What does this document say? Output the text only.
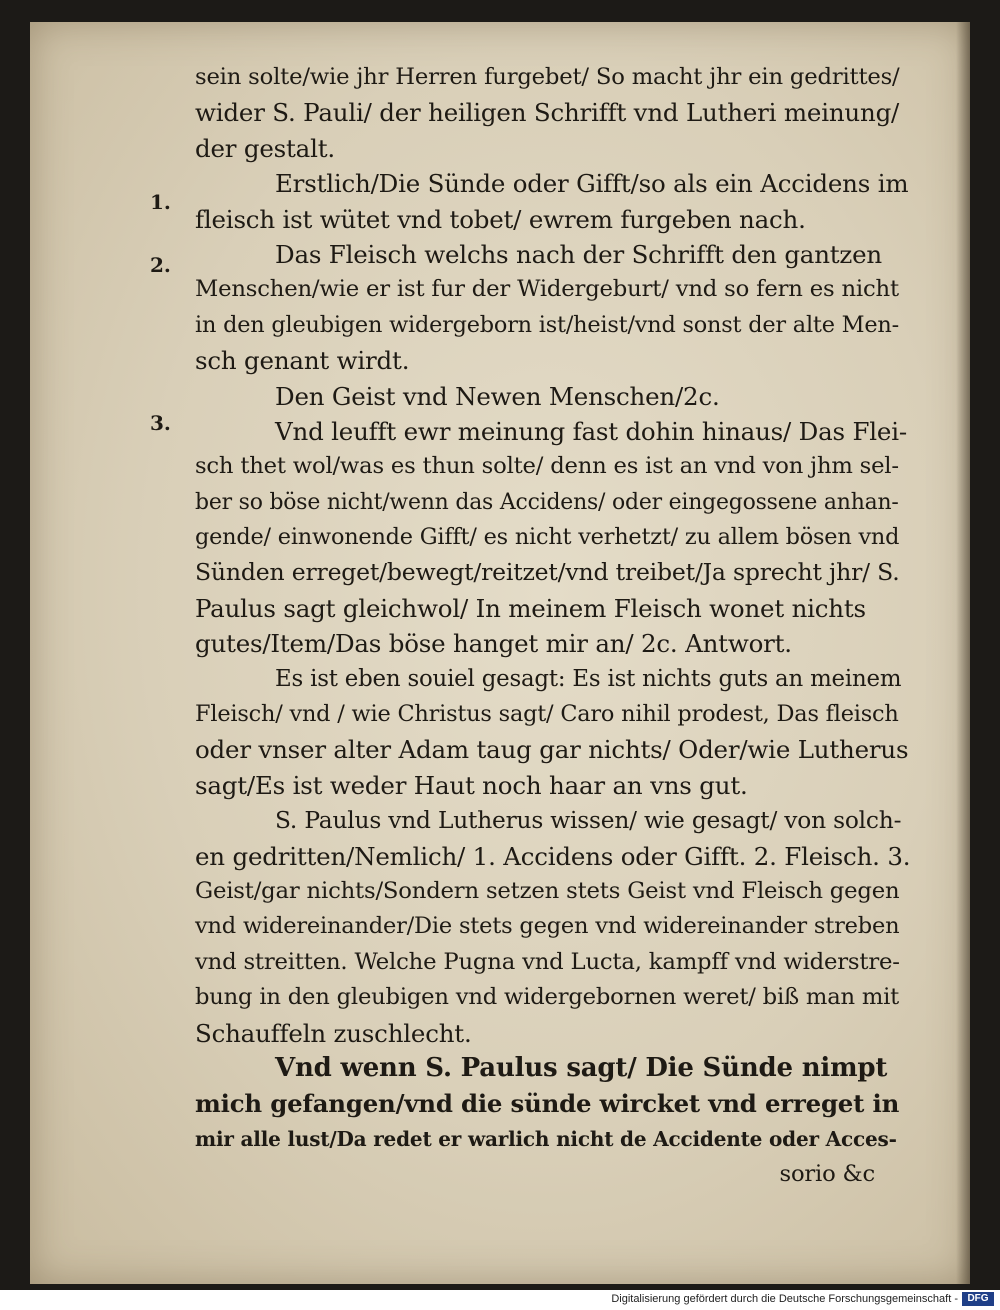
1.
2.
3.
sein solte/wie jhr Herren furgebet/ So macht jhr ein gedrittes/
wider S. Pauli/ der heiligen Schrifft vnd Lutheri meinung/
der gestalt.
Erstlich/Die Sünde oder Gifft/so als ein Accidens im
fleisch ist wütet vnd tobet/ ewrem furgeben nach.
Das Fleisch welchs nach der Schrifft den gantzen
Menschen/wie er ist fur der Widergeburt/ vnd so fern es nicht
in den gleubigen widergeborn ist/heist/vnd sonst der alte Men-
sch genant wirdt.
Den Geist vnd Newen Menschen/2c.
Vnd leufft ewr meinung fast dohin hinaus/ Das Flei-
sch thet wol/was es thun solte/ denn es ist an vnd von jhm sel-
ber so böse nicht/wenn das Accidens/ oder eingegossene anhan-
gende/ einwonende Gifft/ es nicht verhetzt/ zu allem bösen vnd
Sünden erreget/bewegt/reitzet/vnd treibet/Ja sprecht jhr/ S.
Paulus sagt gleichwol/ In meinem Fleisch wonet nichts
gutes/Item/Das böse hanget mir an/ 2c. Antwort.
Es ist eben souiel gesagt: Es ist nichts guts an meinem
Fleisch/ vnd / wie Christus sagt/ Caro nihil prodest, Das fleisch
oder vnser alter Adam taug gar nichts/ Oder/wie Lutherus
sagt/Es ist weder Haut noch haar an vns gut.
S. Paulus vnd Lutherus wissen/ wie gesagt/ von solch-
en gedritten/Nemlich/ 1. Accidens oder Gifft. 2. Fleisch. 3.
Geist/gar nichts/Sondern setzen stets Geist vnd Fleisch gegen
vnd widereinander/Die stets gegen vnd widereinander streben
vnd streitten. Welche Pugna vnd Lucta, kampff vnd widerstre-
bung in den gleubigen vnd widergebornen weret/ biß man mit
Schauffeln zuschlecht.
Vnd wenn S. Paulus sagt/ Die Sünde nimpt
mich gefangen/vnd die sünde wircket vnd erreget in
mir alle lust/Da redet er warlich nicht de Accidente oder Acces-
sorio &c
Digitalisierung gefördert durch die Deutsche Forschungsgemeinschaft - DFG
